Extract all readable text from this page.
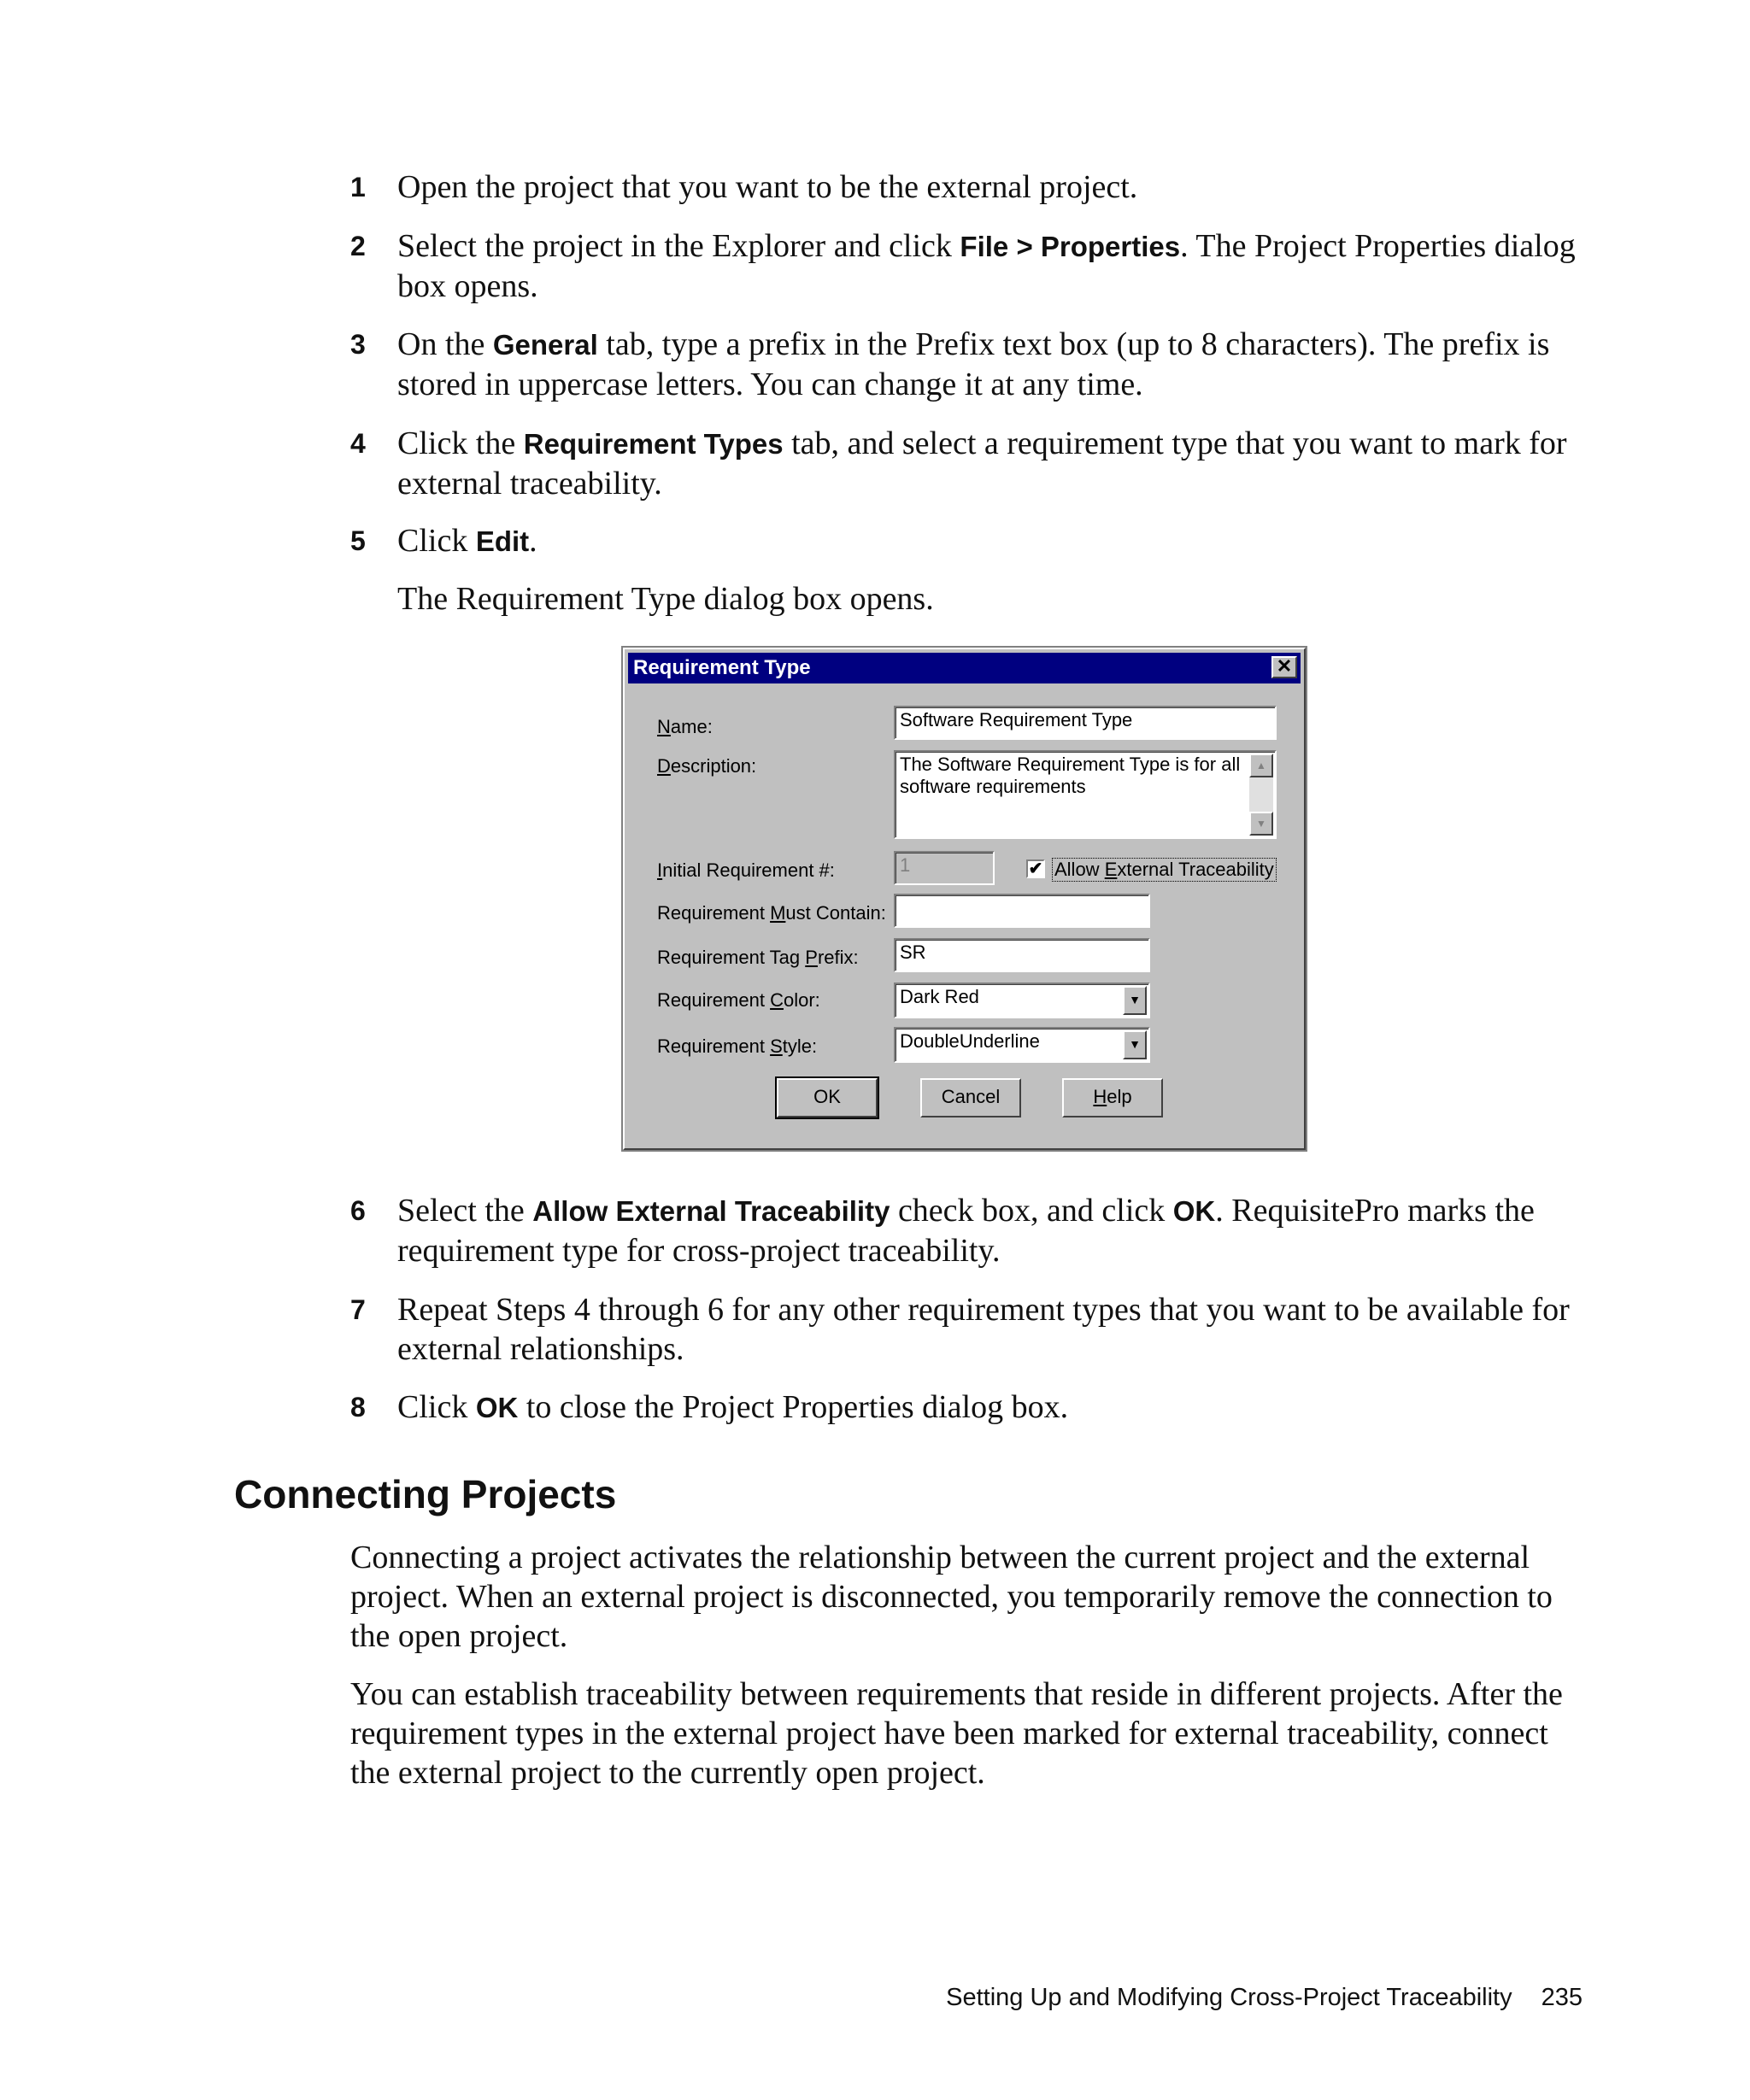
1 Open the project that you want to be the external project.
2 Select the project in the Explorer and click File > Properties. The Project Properties dialog box opens.
3 On the General tab, type a prefix in the Prefix text box (up to 8 characters). The prefix is stored in uppercase letters. You can change it at any time.
4 Click the Requirement Types tab, and select a requirement type that you want to mark for external traceability.
5 Click Edit.
The Requirement Type dialog box opens.
Requirement Type	✕
Name:	Software Requirement Type
Description:	The Software Requirement Type is for all software requirements
▲
▼
Initial Requirement #:	1	✔ Allow External Traceability
Requirement Must Contain:
Requirement Tag Prefix:	SR
Requirement Color:	Dark Red	▼
Requirement Style:	DoubleUnderline	▼
OK	Cancel	Help
6 Select the Allow External Traceability check box, and click OK. RequisitePro marks the requirement type for cross-project traceability.
7 Repeat Steps 4 through 6 for any other requirement types that you want to be available for external relationships.
8 Click OK to close the Project Properties dialog box.
Connecting Projects

Connecting a project activates the relationship between the current project and the external project. When an external project is disconnected, you temporarily remove the connection to the open project.

You can establish traceability between requirements that reside in different projects. After the requirement types in the external project have been marked for external traceability, connect the external project to the currently open project.

Setting Up and Modifying Cross-Project Traceability 235
